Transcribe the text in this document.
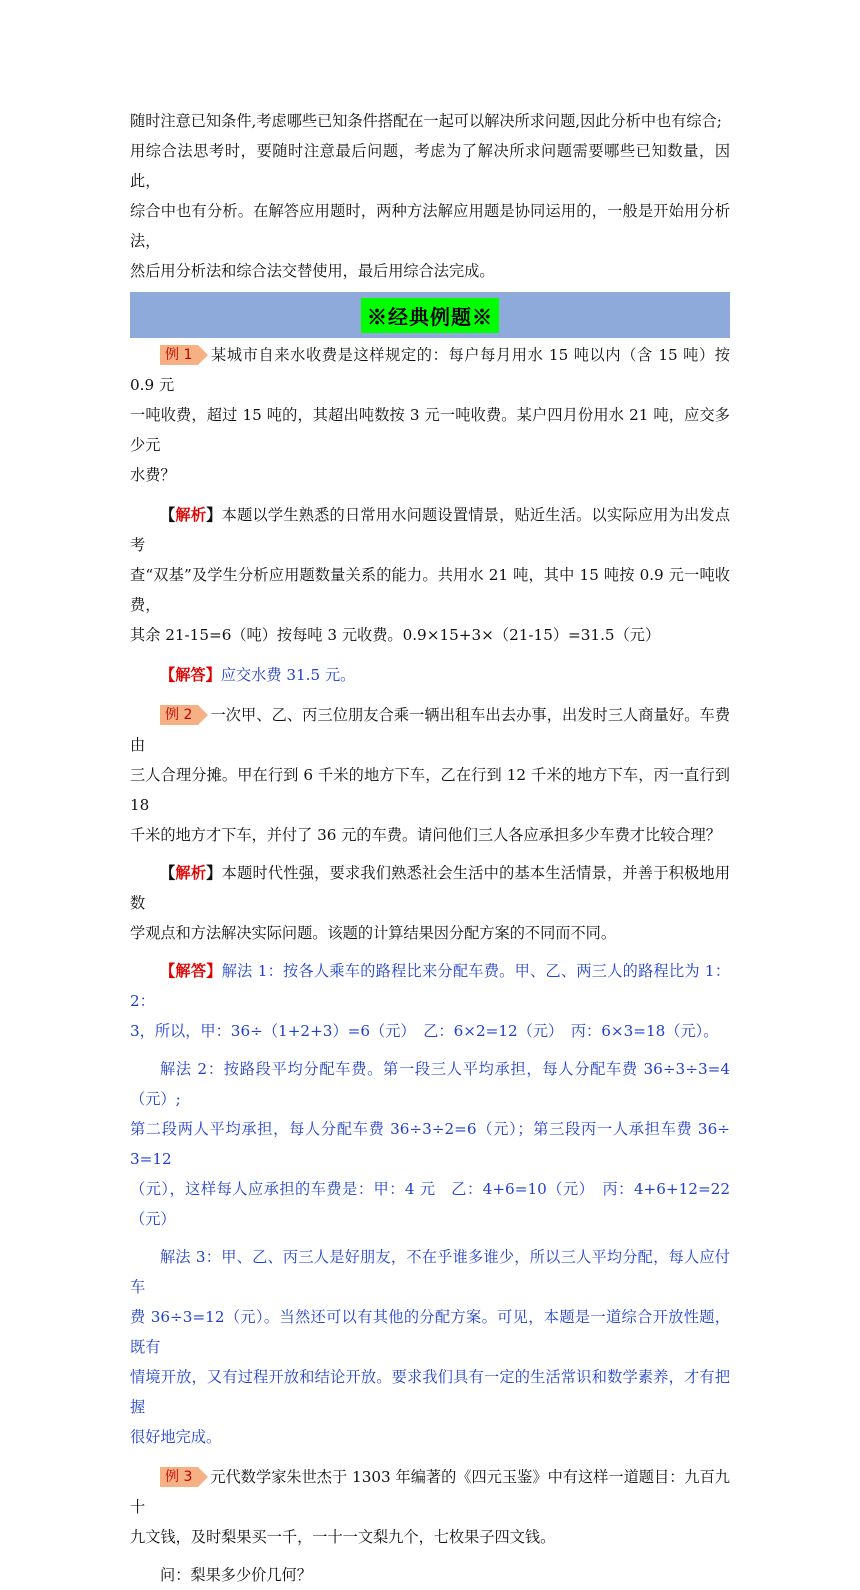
随时注意已知条件,考虑哪些已知条件搭配在一起可以解决所求问题,因此分析中也有综合;

用综合法思考时，要随时注意最后问题，考虑为了解决所求问题需要哪些已知数量，因此，

综合中也有分析。在解答应用题时，两种方法解应用题是协同运用的，一般是开始用分析法，

然后用分析法和综合法交替使用，最后用综合法完成。

※经典例题※

例 1 某城市自来水收费是这样规定的：每户每月用水 15 吨以内（含 15 吨）按 0.9 元

一吨收费，超过 15 吨的，其超出吨数按 3 元一吨收费。某户四月份用水 21 吨，应交多少元

水费？

【解析】本题以学生熟悉的日常用水问题设置情景，贴近生活。以实际应用为出发点考

查“双基”及学生分析应用题数量关系的能力。共用水 21 吨，其中 15 吨按 0.9 元一吨收费，

其余 21-15=6（吨）按每吨 3 元收费。0.9×15+3×（21-15）=31.5（元）

【解答】应交水费 31.5 元。

例 2 一次甲、乙、丙三位朋友合乘一辆出租车出去办事，出发时三人商量好。车费由

三人合理分摊。甲在行到 6 千米的地方下车，乙在行到 12 千米的地方下车，丙一直行到 18

千米的地方才下车，并付了 36 元的车费。请问他们三人各应承担多少车费才比较合理？

【解析】本题时代性强，要求我们熟悉社会生活中的基本生活情景，并善于积极地用数

学观点和方法解决实际问题。该题的计算结果因分配方案的不同而不同。

【解答】解法 1：按各人乘车的路程比来分配车费。甲、乙、两三人的路程比为 1：2：

3，所以，甲：36÷（1+2+3）=6（元）　乙：6×2=12（元）　丙：6×3=18（元）。

解法 2：按路段平均分配车费。第一段三人平均承担，每人分配车费 36÷3÷3=4（元）;

第二段两人平均承担，每人分配车费 36÷3÷2=6（元）；第三段丙一人承担车费 36÷ 3=12

（元），这样每人应承担的车费是：甲：4 元　乙：4+6=10（元）　丙：4+6+12=22（元）

解法 3：甲、乙、丙三人是好朋友，不在乎谁多谁少，所以三人平均分配，每人应付车

费 36÷3=12（元）。当然还可以有其他的分配方案。可见，本题是一道综合开放性题，既有

情境开放，又有过程开放和结论开放。要求我们具有一定的生活常识和数学素养，才有把握

很好地完成。

例 3 元代数学家朱世杰于 1303 年编著的《四元玉鉴》中有这样一道题目：九百九十

九文钱，及时梨果买一千，一十一文梨九个，七枚果子四文钱。

问：梨果多少价几何？
